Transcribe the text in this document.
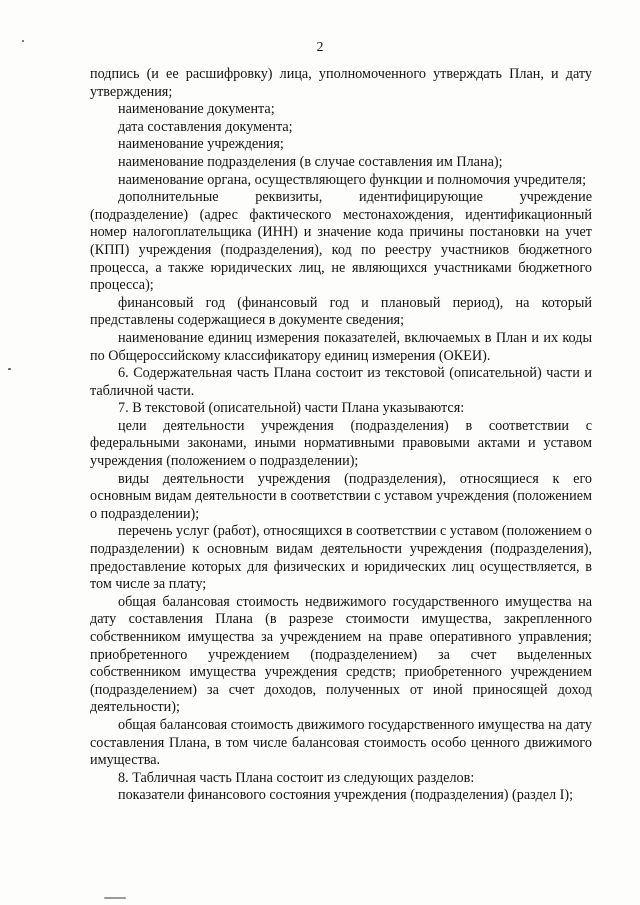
2

подпись (и ее расшифровку) лица, уполномоченного утверждать План, и дату утверждения;

наименование документа;

дата составления документа;

наименование учреждения;

наименование подразделения (в случае составления им Плана);

наименование органа, осуществляющего функции и полномочия учредителя;

дополнительные реквизиты, идентифицирующие учреждение (подразделение) (адрес фактического местонахождения, идентификационный номер налогоплательщика (ИНН) и значение кода причины постановки на учет (КПП) учреждения (подразделения), код по реестру участников бюджетного процесса, а также юридических лиц, не являющихся участниками бюджетного процесса);

финансовый год (финансовый год и плановый период), на который представлены содержащиеся в документе сведения;

наименование единиц измерения показателей, включаемых в План и их коды по Общероссийскому классификатору единиц измерения (ОКЕИ).

6. Содержательная часть Плана состоит из текстовой (описательной) части и табличной части.

7. В текстовой (описательной) части Плана указываются:

цели деятельности учреждения (подразделения) в соответствии с федеральными законами, иными нормативными правовыми актами и уставом учреждения (положением о подразделении);

виды деятельности учреждения (подразделения), относящиеся к его основным видам деятельности в соответствии с уставом учреждения (положением о подразделении);

перечень услуг (работ), относящихся в соответствии с уставом (положением о подразделении) к основным видам деятельности учреждения (подразделения), предоставление которых для физических и юридических лиц осуществляется, в том числе за плату;

общая балансовая стоимость недвижимого государственного имущества на дату составления Плана (в разрезе стоимости имущества, закрепленного собственником имущества за учреждением на праве оперативного управления; приобретенного учреждением (подразделением) за счет выделенных собственником имущества учреждения средств; приобретенного учреждением (подразделением) за счет доходов, полученных от иной приносящей доход деятельности);

общая балансовая стоимость движимого государственного имущества на дату составления Плана, в том числе балансовая стоимость особо ценного движимого имущества.

8. Табличная часть Плана состоит из следующих разделов:

показатели финансового состояния учреждения (подразделения) (раздел I);
